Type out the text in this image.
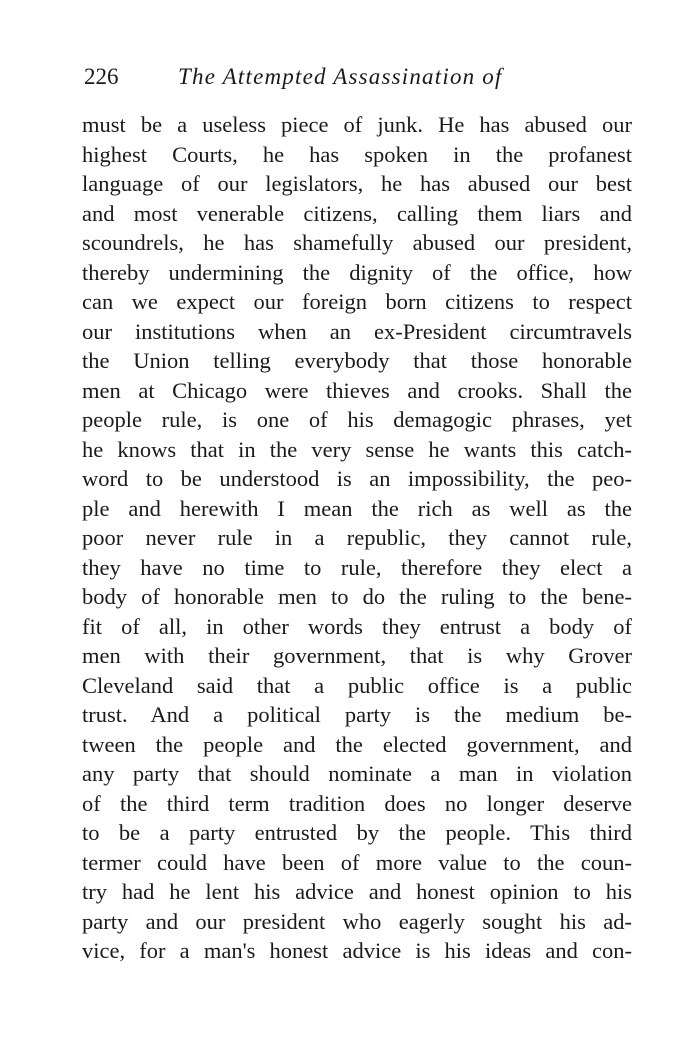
226	The Attempted Assassination of
must be a useless piece of junk. He has abused our
highest Courts, he has spoken in the profanest
language of our legislators, he has abused our best
and most venerable citizens, calling them liars and
scoundrels, he has shamefully abused our president,
thereby undermining the dignity of the office, how
can we expect our foreign born citizens to respect
our institutions when an ex-President circumtravels
the Union telling everybody that those honorable
men at Chicago were thieves and crooks. Shall the
people rule, is one of his demagogic phrases, yet
he knows that in the very sense he wants this catch-
word to be understood is an impossibility, the peo-
ple and herewith I mean the rich as well as the
poor never rule in a republic, they cannot rule,
they have no time to rule, therefore they elect a
body of honorable men to do the ruling to the bene-
fit of all, in other words they entrust a body of
men with their government, that is why Grover
Cleveland said that a public office is a public
trust. And a political party is the medium be-
tween the people and the elected government, and
any party that should nominate a man in violation
of the third term tradition does no longer deserve
to be a party entrusted by the people. This third
termer could have been of more value to the coun-
try had he lent his advice and honest opinion to his
party and our president who eagerly sought his ad-
vice, for a man's honest advice is his ideas and con-
